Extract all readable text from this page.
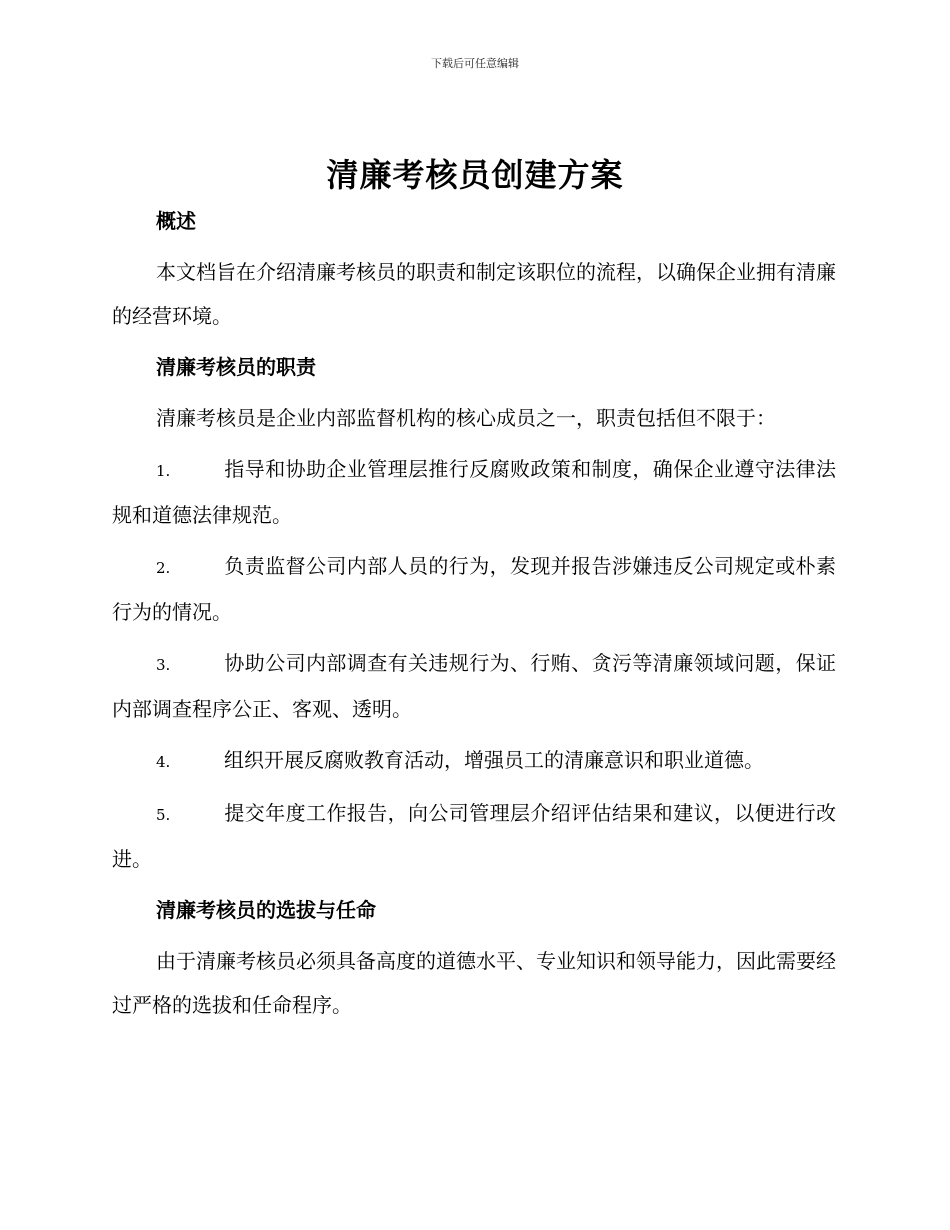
下载后可任意编辑
清廉考核员创建方案
概述

本文档旨在介绍清廉考核员的职责和制定该职位的流程，以确保企业拥有清廉的经营环境。

清廉考核员的职责

清廉考核员是企业内部监督机构的核心成员之一，职责包括但不限于：

1.	指导和协助企业管理层推行反腐败政策和制度，确保企业遵守法律法规和道德法律规范。

2.	负责监督公司内部人员的行为，发现并报告涉嫌违反公司规定或朴素行为的情况。

3.	协助公司内部调查有关违规行为、行贿、贪污等清廉领域问题，保证内部调查程序公正、客观、透明。

4.	组织开展反腐败教育活动，增强员工的清廉意识和职业道德。

5.	提交年度工作报告，向公司管理层介绍评估结果和建议，以便进行改进。

清廉考核员的选拔与任命

由于清廉考核员必须具备高度的道德水平、专业知识和领导能力，因此需要经过严格的选拔和任命程序。
